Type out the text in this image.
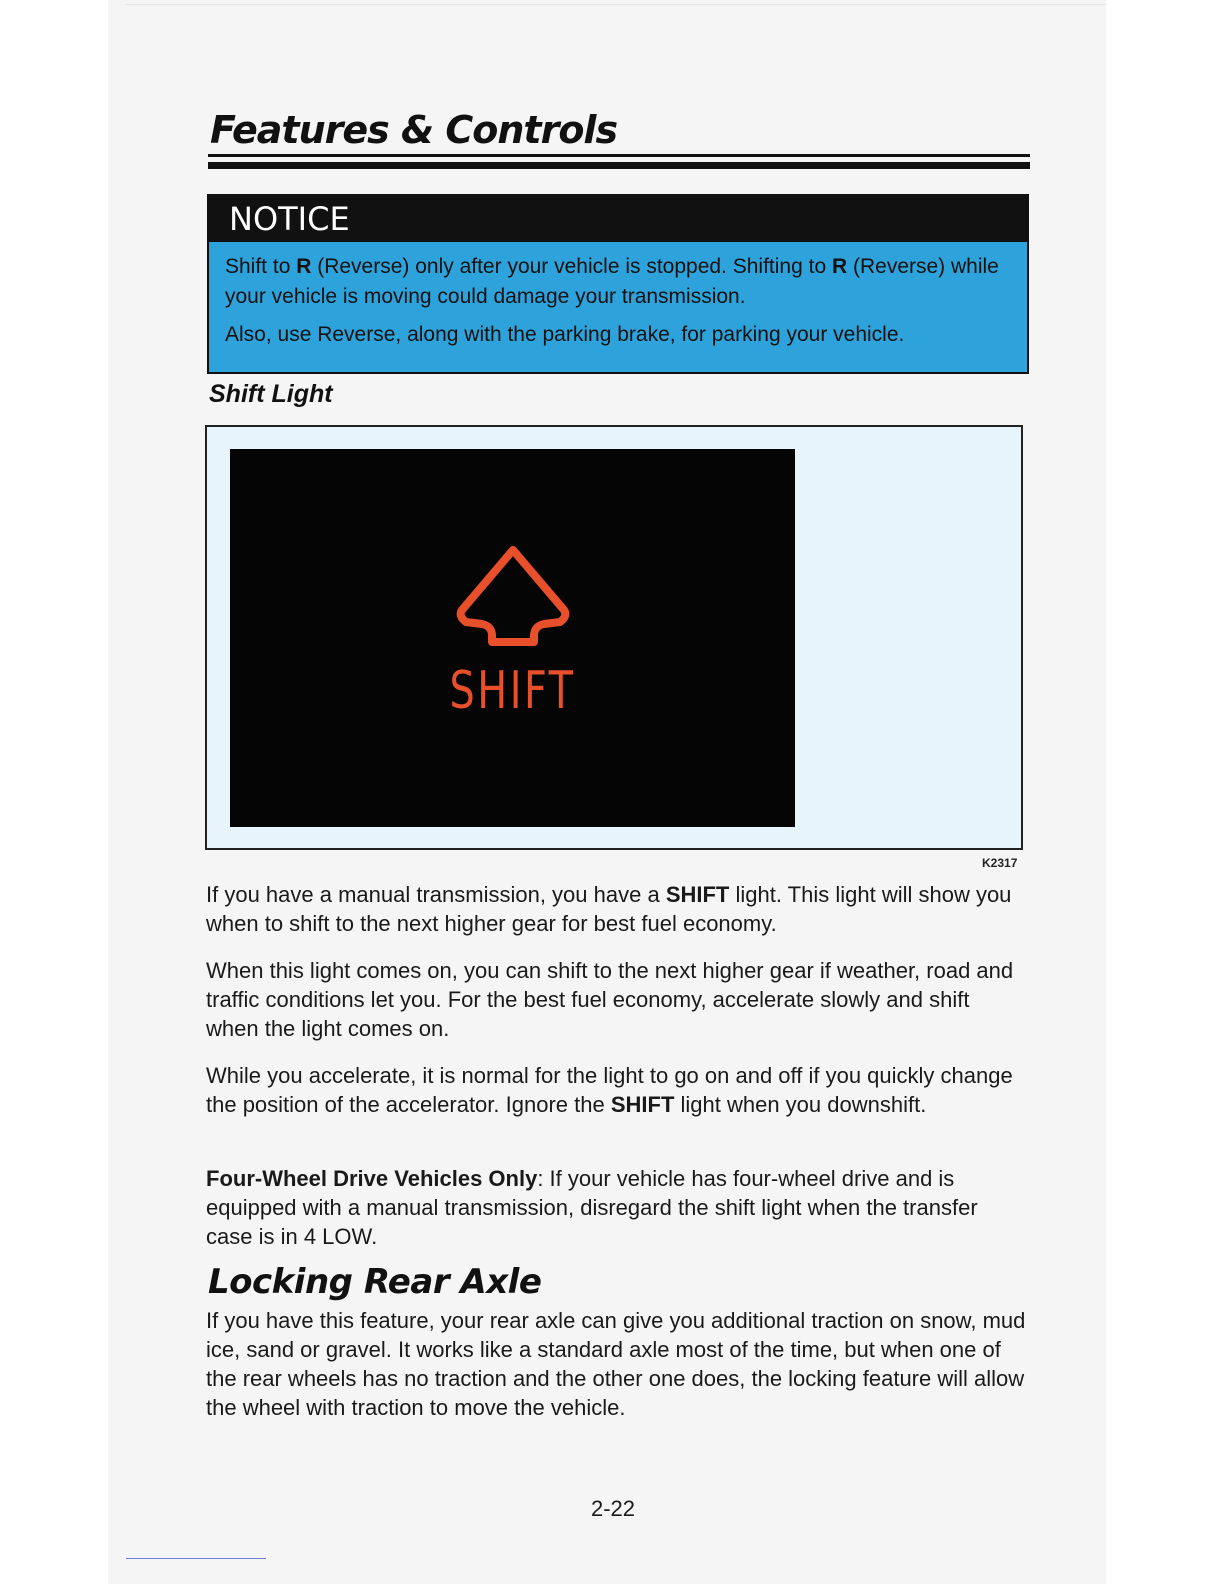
Features & Controls
NOTICE

Shift to R (Reverse) only after your vehicle is stopped. Shifting to R (Reverse) while your vehicle is moving could damage your transmission.

Also, use Reverse, along with the parking brake, for parking your vehicle.

Shift Light
SHIFT
K2317

If you have a manual transmission, you have a SHIFT light. This light will show you when to shift to the next higher gear for best fuel economy.

When this light comes on, you can shift to the next higher gear if weather, road and traffic conditions let you. For the best fuel economy, accelerate slowly and shift when the light comes on.

While you accelerate, it is normal for the light to go on and off if you quickly change the position of the accelerator. Ignore the SHIFT light when you downshift.

Four-Wheel Drive Vehicles Only: If your vehicle has four-wheel drive and is equipped with a manual transmission, disregard the shift light when the transfer case is in 4 LOW.

Locking Rear Axle

If you have this feature, your rear axle can give you additional traction on snow, mud ice, sand or gravel. It works like a standard axle most of the time, but when one of the rear wheels has no traction and the other one does, the locking feature will allow the wheel with traction to move the vehicle.

2-22
